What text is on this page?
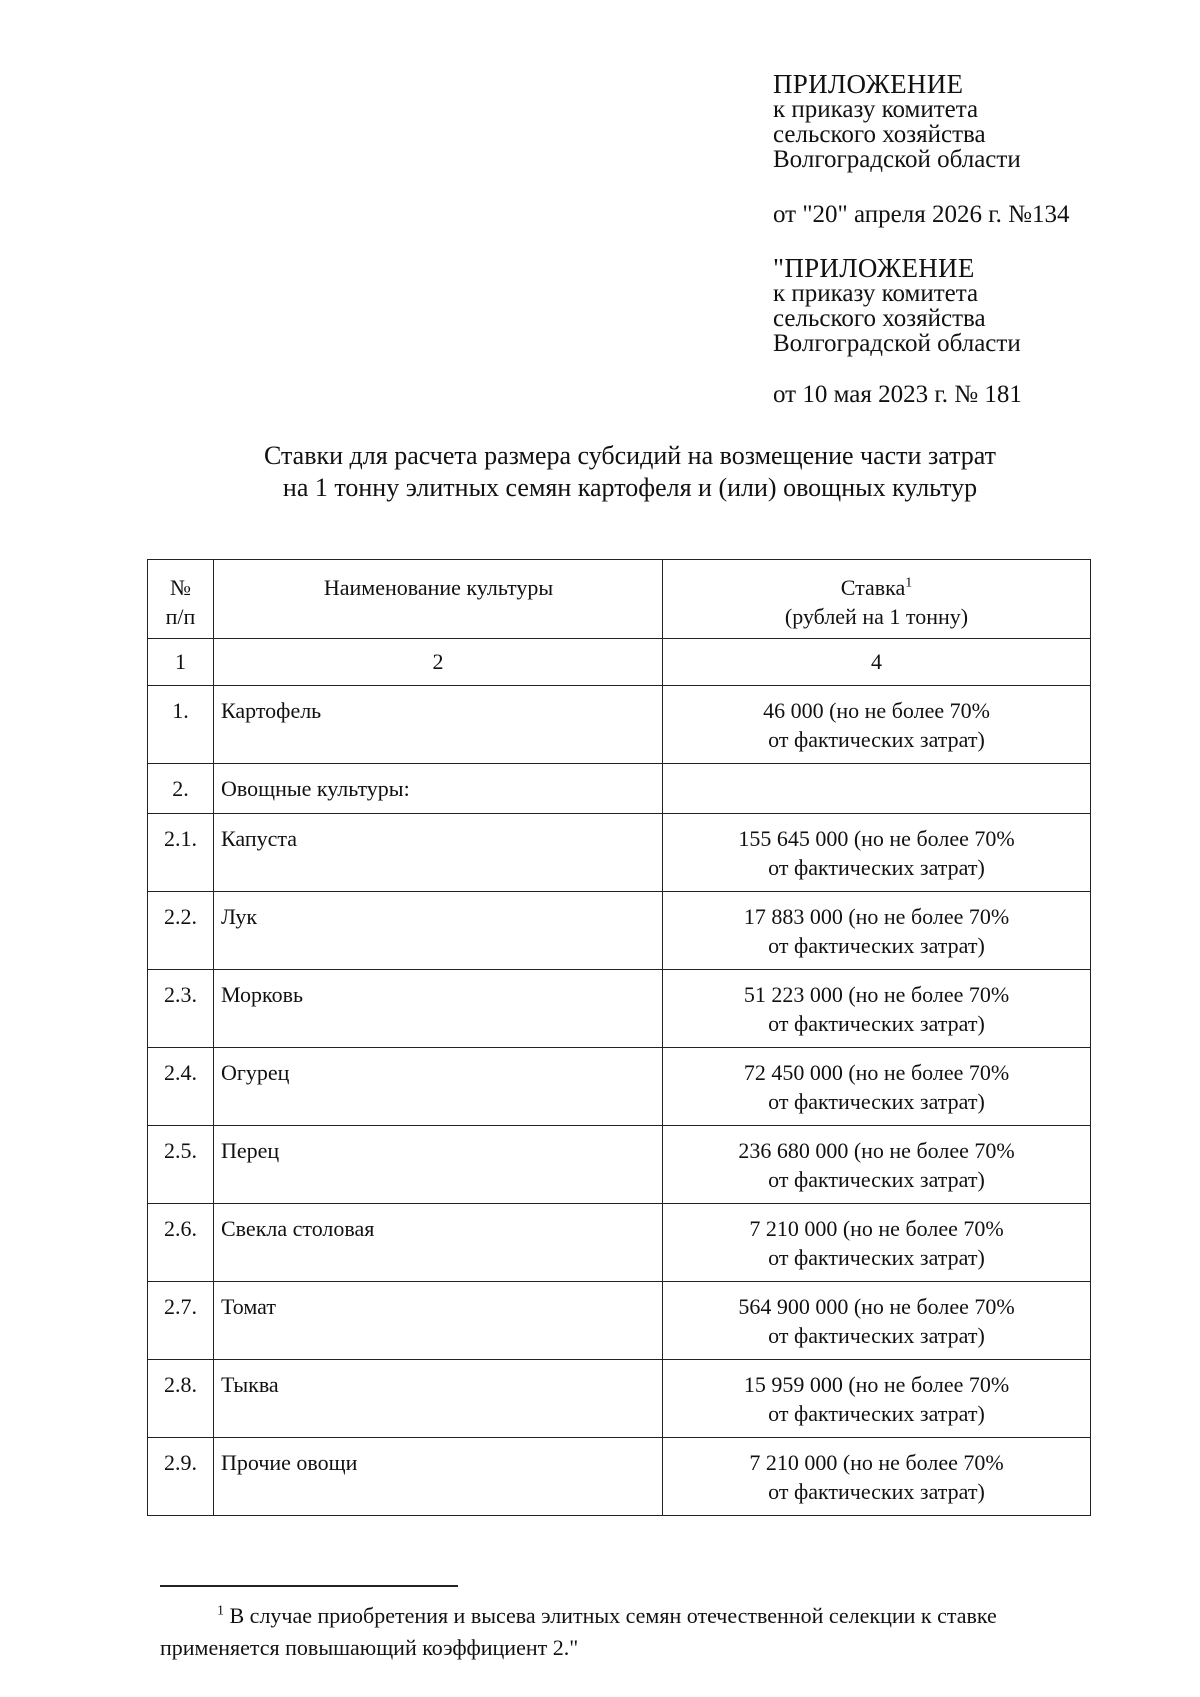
ПРИЛОЖЕНИЕ
к приказу комитета
сельского хозяйства
Волгоградской области
от "20" апреля 2026 г. №134
"ПРИЛОЖЕНИЕ
к приказу комитета
сельского хозяйства
Волгоградской области
от 10 мая 2023 г. № 181
Ставки для расчета размера субсидий на возмещение части затрат
на 1 тонну элитных семян картофеля и (или) овощных культур
№
п/п	Наименование культуры	Ставка$^1$
(рублей на 1 тонну)
1	2	4
1.	Картофель	46 000 (но не более 70%
от фактических затрат)
2.	Овощные культуры:	
2.1.	Капуста	155 645 000 (но не более 70%
от фактических затрат)
2.2.	Лук	17 883 000 (но не более 70%
от фактических затрат)
2.3.	Морковь	51 223 000 (но не более 70%
от фактических затрат)
2.4.	Огурец	72 450 000 (но не более 70%
от фактических затрат)
2.5.	Перец	236 680 000 (но не более 70%
от фактических затрат)
2.6.	Свекла столовая	7 210 000 (но не более 70%
от фактических затрат)
2.7.	Томат	564 900 000 (но не более 70%
от фактических затрат)
2.8.	Тыква	15 959 000 (но не более 70%
от фактических затрат)
2.9.	Прочие овощи	7 210 000 (но не более 70%
от фактических затрат)
$^1$ В случае приобретения и высева элитных семян отечественной селекции к ставке
применяется повышающий коэффициент 2."
